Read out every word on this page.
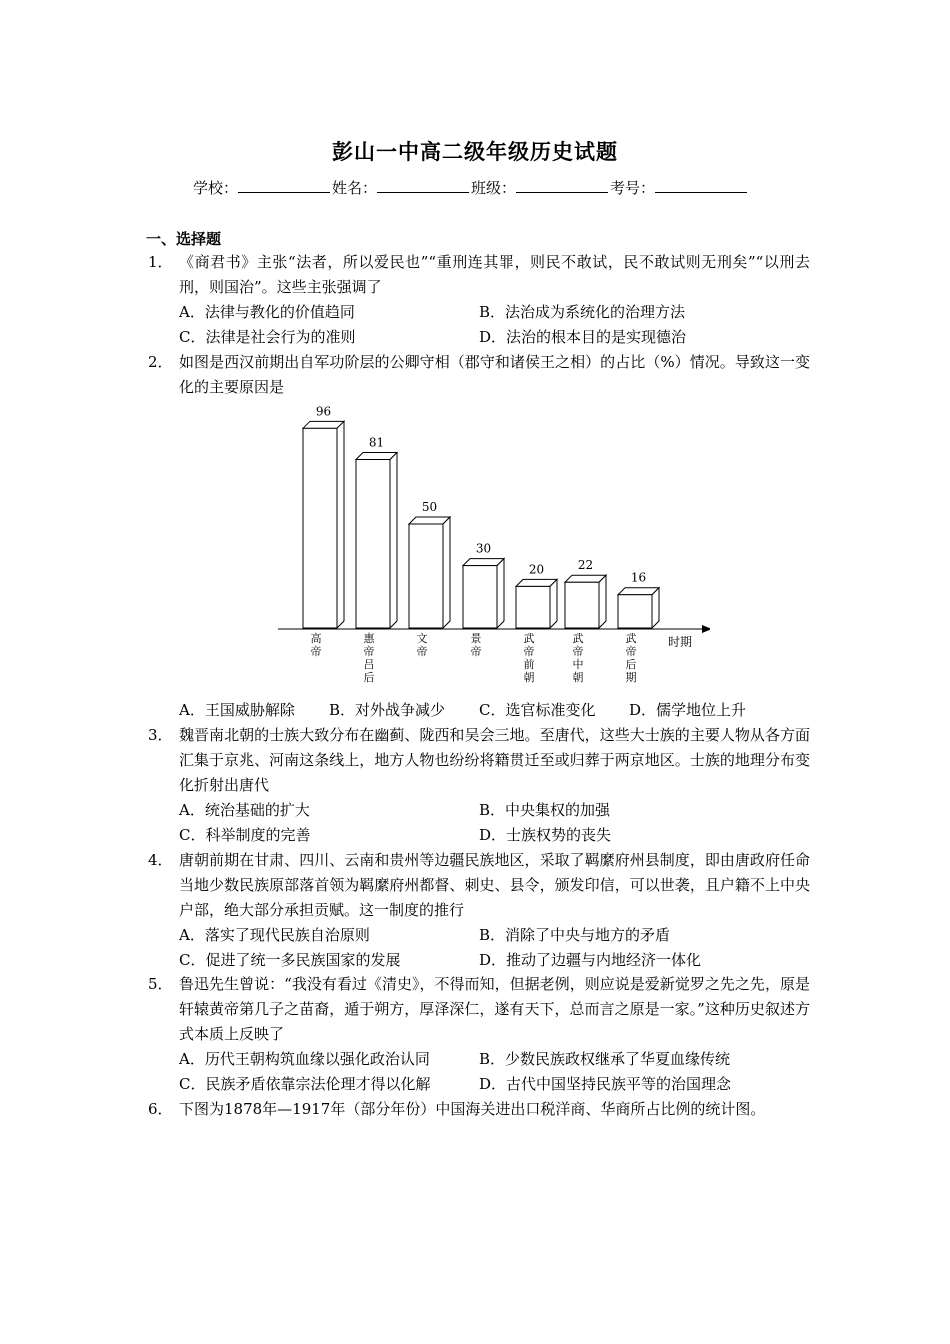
彭山一中高二级年级历史试题
学校：	姓名：	班级：	考号：
一、选择题
1． 《商君书》主张“法者，所以爱民也”“重刑连其罪，则民不敢试，民不敢试则无刑矣”“以刑去刑，则国治”。这些主张强调了
A．法律与教化的价值趋同	B．法治成为系统化的治理方法
C．法律是社会行为的准则	D．法治的根本目的是实现德治
2． 如图是西汉前期出自军功阶层的公卿守相（郡守和诸侯王之相）的占比（%）情况。导致这一变化的主要原因是
时期
96
高
帝
81
惠
帝
吕
后
50
文
帝
30
景
帝
20
武
帝
前
朝
22
武
帝
中
朝
16
武
帝
后
期
A．王国威胁解除 B．对外战争减少 C．选官标准变化 D．儒学地位上升
3． 魏晋南北朝的士族大致分布在幽蓟、陇西和吴会三地。至唐代，这些大士族的主要人物从各方面汇集于京兆、河南这条线上，地方人物也纷纷将籍贯迁至或归葬于两京地区。士族的地理分布变化折射出唐代
A．统治基础的扩大	B．中央集权的加强
C．科举制度的完善	D．士族权势的丧失
4． 唐朝前期在甘肃、四川、云南和贵州等边疆民族地区，采取了羁縻府州县制度，即由唐政府任命当地少数民族原部落首领为羁縻府州都督、刺史、县令，颁发印信，可以世袭，且户籍不上中央户部，绝大部分承担贡赋。这一制度的推行
A．落实了现代民族自治原则	B．消除了中央与地方的矛盾
C．促进了统一多民族国家的发展	D．推动了边疆与内地经济一体化
5． 鲁迅先生曾说：“我没有看过《清史》，不得而知，但据老例，则应说是爱新觉罗之先之先，原是轩辕黄帝第几子之苗裔，遁于朔方，厚泽深仁，遂有天下，总而言之原是一家。”这种历史叙述方式本质上反映了
A．历代王朝构筑血缘以强化政治认同	B．少数民族政权继承了华夏血缘传统
C．民族矛盾依靠宗法伦理才得以化解	D．古代中国坚持民族平等的治国理念
6． 下图为1878年—1917年（部分年份）中国海关进出口税洋商、华商所占比例的统计图。
